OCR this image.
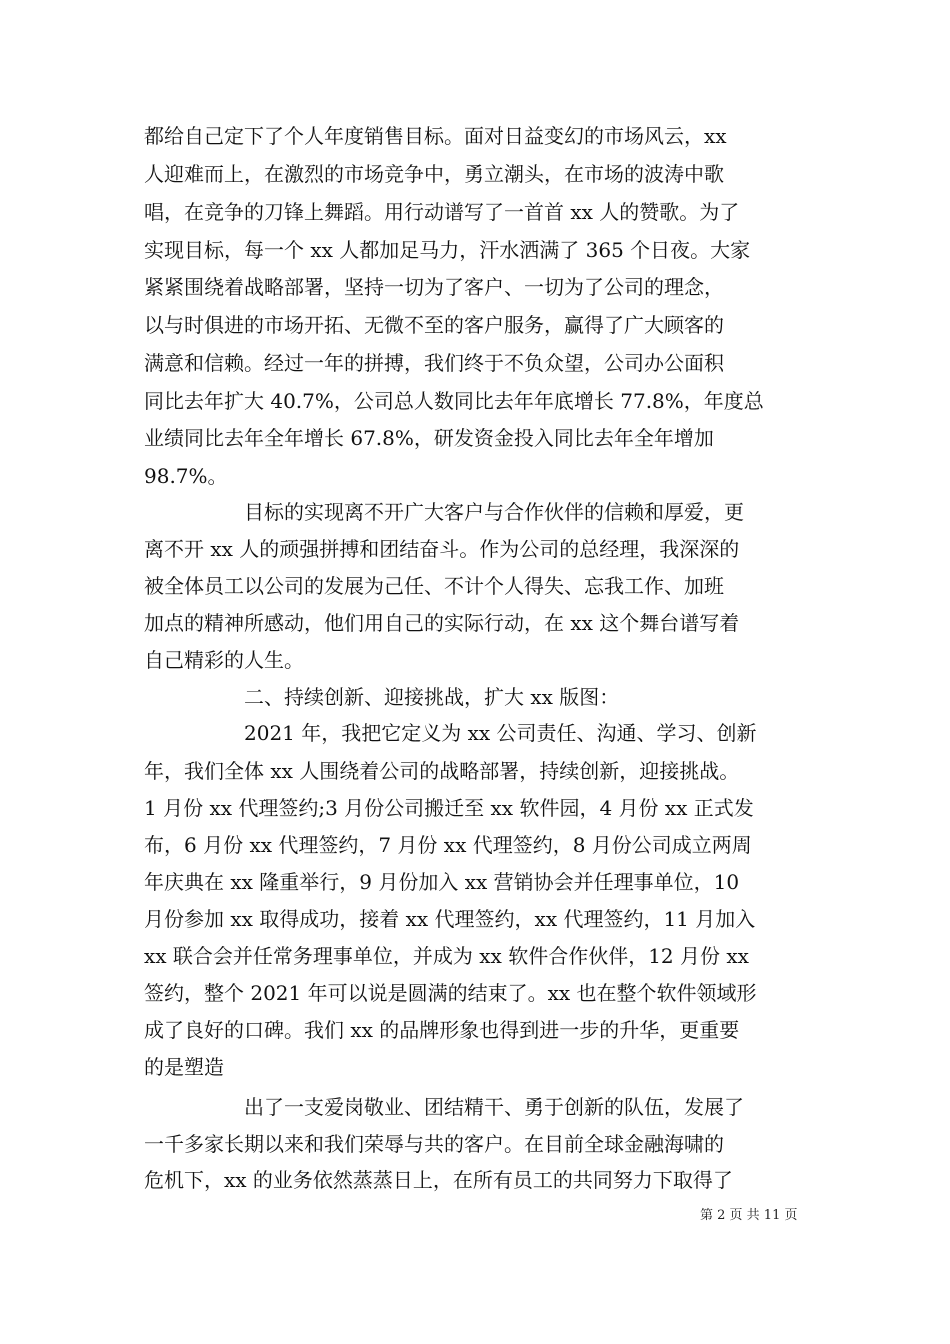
都给自己定下了个人年度销售目标。面对日益变幻的市场风云，xx
人迎难而上，在激烈的市场竞争中，勇立潮头，在市场的波涛中歌
唱，在竞争的刀锋上舞蹈。用行动谱写了一首首 xx 人的赞歌。为了
实现目标，每一个 xx 人都加足马力，汗水洒满了 365 个日夜。大家
紧紧围绕着战略部署，坚持一切为了客户、一切为了公司的理念，
以与时俱进的市场开拓、无微不至的客户服务，赢得了广大顾客的
满意和信赖。经过一年的拼搏，我们终于不负众望，公司办公面积
同比去年扩大 40.7%，公司总人数同比去年年底增长 77.8%，年度总
业绩同比去年全年增长 67.8%，研发资金投入同比去年全年增加
98.7%。
目标的实现离不开广大客户与合作伙伴的信赖和厚爱，更
离不开 xx 人的顽强拼搏和团结奋斗。作为公司的总经理，我深深的
被全体员工以公司的发展为己任、不计个人得失、忘我工作、加班
加点的精神所感动，他们用自己的实际行动，在 xx 这个舞台谱写着
自己精彩的人生。
二、持续创新、迎接挑战，扩大 xx 版图：
2021 年，我把它定义为 xx 公司责任、沟通、学习、创新
年，我们全体 xx 人围绕着公司的战略部署，持续创新，迎接挑战。
1 月份 xx 代理签约;3 月份公司搬迁至 xx 软件园，4 月份 xx 正式发
布，6 月份 xx 代理签约，7 月份 xx 代理签约，8 月份公司成立两周
年庆典在 xx 隆重举行，9 月份加入 xx 营销协会并任理事单位，10
月份参加 xx 取得成功，接着 xx 代理签约，xx 代理签约，11 月加入
xx 联合会并任常务理事单位，并成为 xx 软件合作伙伴，12 月份 xx
签约，整个 2021 年可以说是圆满的结束了。xx 也在整个软件领域形
成了良好的口碑。我们 xx 的品牌形象也得到进一步的升华，更重要
的是塑造
出了一支爱岗敬业、团结精干、勇于创新的队伍，发展了
一千多家长期以来和我们荣辱与共的客户。在目前全球金融海啸的
危机下，xx 的业务依然蒸蒸日上，在所有员工的共同努力下取得了
第 2 页 共 11 页
